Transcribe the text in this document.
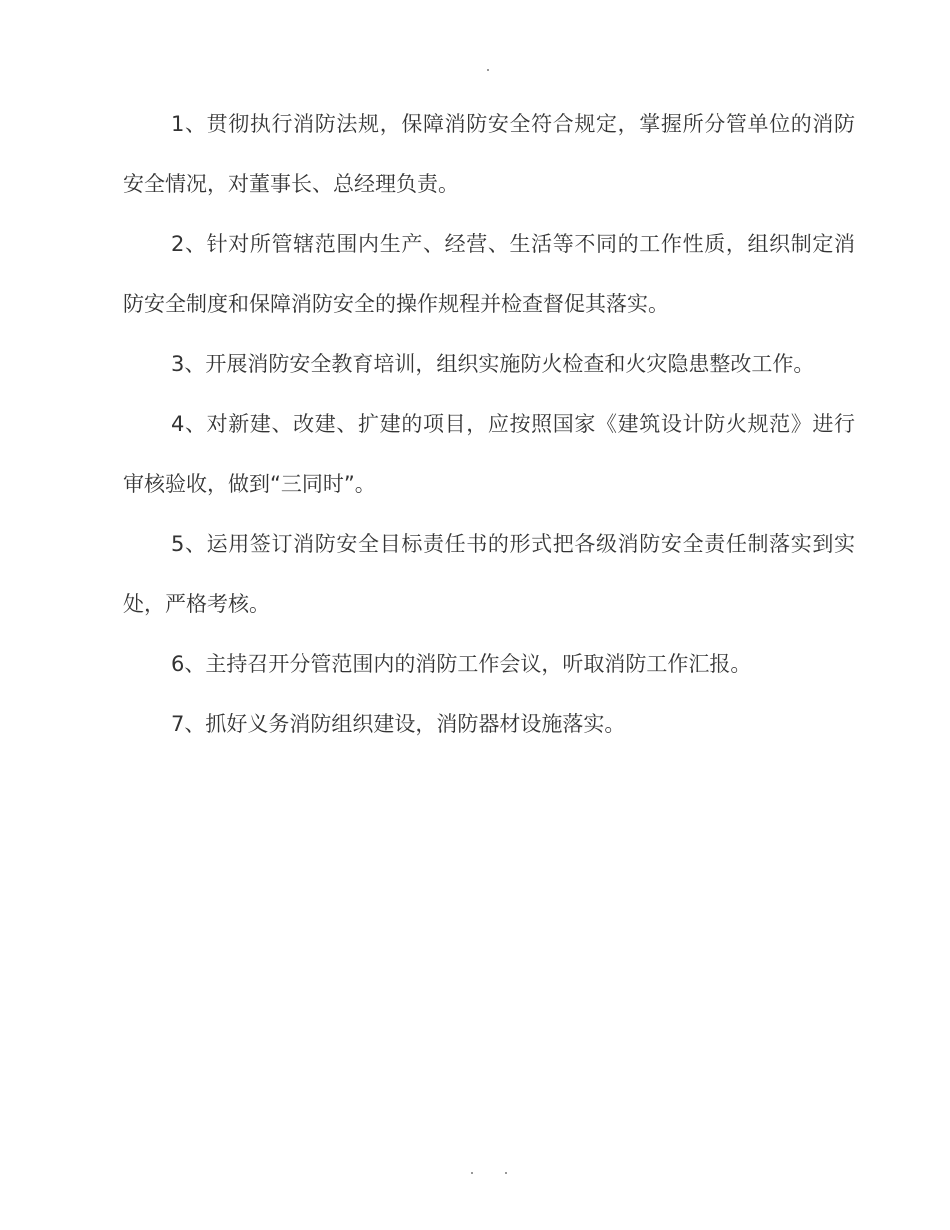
1、贯彻执行消防法规，保障消防安全符合规定，掌握所分管单位的消防安全情况，对董事长、总经理负责。

2、针对所管辖范围内生产、经营、生活等不同的工作性质，组织制定消防安全制度和保障消防安全的操作规程并检查督促其落实。

3、开展消防安全教育培训，组织实施防火检查和火灾隐患整改工作。

4、对新建、改建、扩建的项目，应按照国家《建筑设计防火规范》进行审核验收，做到“三同时”。

5、运用签订消防安全目标责任书的形式把各级消防安全责任制落实到实处，严格考核。

6、主持召开分管范围内的消防工作会议，听取消防工作汇报。

7、抓好义务消防组织建设，消防器材设施落实。
